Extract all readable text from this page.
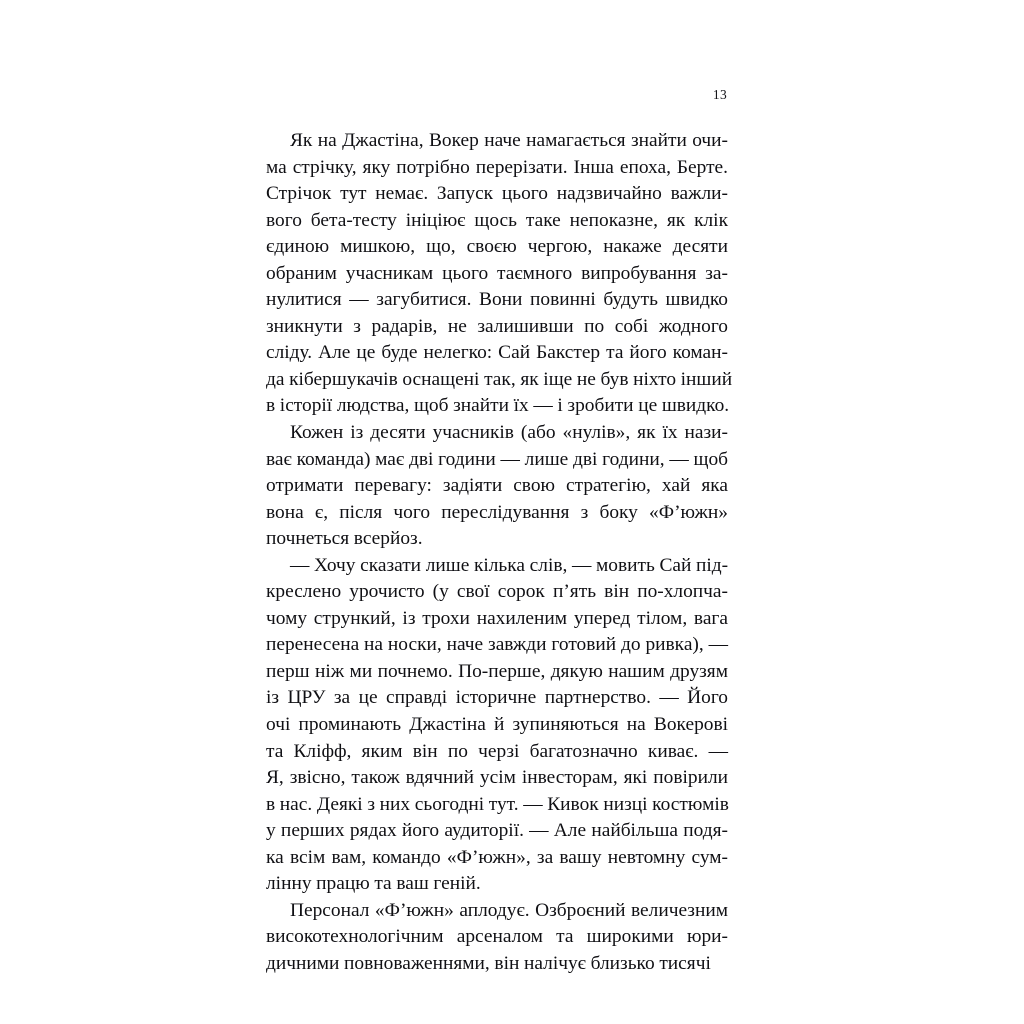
13

Як на Джастіна, Вокер наче намагається знайти очи-
ма стрічку, яку потрібно перерізати. Інша епоха, Берте.
Стрічок тут немає. Запуск цього надзвичайно важли-
вого бета-тесту ініціює щось таке непоказне, як клік
єдиною мишкою, що, своєю чергою, накаже десяти
обраним учасникам цього таємного випробування за-
нулитися — загубитися. Вони повинні будуть швидко
зникнути з радарів, не залишивши по собі жодного
сліду. Але це буде нелегко: Сай Бакстер та його коман-
да кібершукачів оснащені так, як іще не був ніхто інший
в історії людства, щоб знайти їх — і зробити це швидко.

Кожен із десяти учасників (або «нулів», як їх нази-
ває команда) має дві години — лише дві години, — щоб
отримати перевагу: задіяти свою стратегію, хай яка
вона є, після чого переслідування з боку «Ф’южн»
почнеться всерйоз.

— Хочу сказати лише кілька слів, — мовить Сай під-
креслено урочисто (у свої сорок п’ять він по-хлопча-
чому стрункий, із трохи нахиленим уперед тілом, вага
перенесена на носки, наче завжди готовий до ривка), —
перш ніж ми почнемо. По-перше, дякую нашим друзям
із ЦРУ за це справді історичне партнерство. — Його
очі проминають Джастіна й зупиняються на Вокерові
та Кліфф, яким він по черзі багатозначно киває. —
Я, звісно, також вдячний усім інвесторам, які повірили
в нас. Деякі з них сьогодні тут. — Кивок низці костюмів
у перших рядах його аудиторії. — Але найбільша подя-
ка всім вам, командо «Ф’южн», за вашу невтомну сум-
лінну працю та ваш геній.

Персонал «Ф’южн» аплодує. Озброєний величезним
високотехнологічним арсеналом та широкими юри-
дичними повноваженнями, він налічує близько тисячі
